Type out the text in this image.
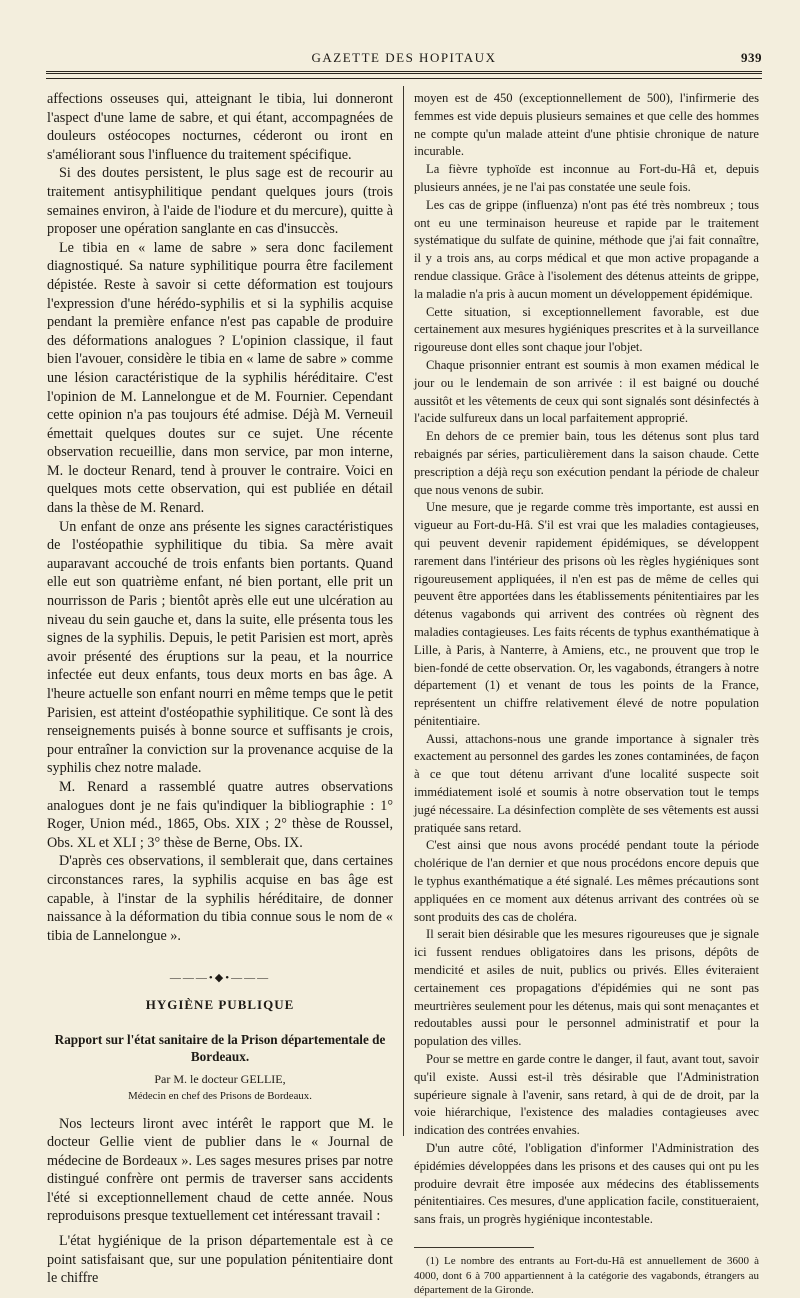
GAZETTE DES HOPITAUX	939

affections osseuses qui, atteignant le tibia, lui donneront l'aspect d'une lame de sabre, et qui étant, accompagnées de douleurs ostéocopes nocturnes, céderont ou iront en s'améliorant sous l'influence du traitement spécifique.

Si des doutes persistent, le plus sage est de recourir au traitement antisyphilitique pendant quelques jours (trois semaines environ, à l'aide de l'iodure et du mercure), quitte à proposer une opération sanglante en cas d'insuccès.

Le tibia en « lame de sabre » sera donc facilement diagnostiqué. Sa nature syphilitique pourra être facilement dépistée. Reste à savoir si cette déformation est toujours l'expression d'une hérédo-syphilis et si la syphilis acquise pendant la première enfance n'est pas capable de produire des déformations analogues ? L'opinion classique, il faut bien l'avouer, considère le tibia en « lame de sabre » comme une lésion caractéristique de la syphilis héréditaire. C'est l'opinion de M. Lannelongue et de M. Fournier. Cependant cette opinion n'a pas toujours été admise. Déjà M. Verneuil émettait quelques doutes sur ce sujet. Une récente observation recueillie, dans mon service, par mon interne, M. le docteur Renard, tend à prouver le contraire. Voici en quelques mots cette observation, qui est publiée en détail dans la thèse de M. Renard.

Un enfant de onze ans présente les signes caractéristiques de l'ostéopathie syphilitique du tibia. Sa mère avait auparavant accouché de trois enfants bien portants. Quand elle eut son quatrième enfant, né bien portant, elle prit un nourrisson de Paris ; bientôt après elle eut une ulcération au niveau du sein gauche et, dans la suite, elle présenta tous les signes de la syphilis. Depuis, le petit Parisien est mort, après avoir présenté des éruptions sur la peau, et la nourrice infectée eut deux enfants, tous deux morts en bas âge. A l'heure actuelle son enfant nourri en même temps que le petit Parisien, est atteint d'ostéopathie syphilitique. Ce sont là des renseignements puisés à bonne source et suffisants je crois, pour entraîner la conviction sur la provenance acquise de la syphilis chez notre malade.

M. Renard a rassemblé quatre autres observations analogues dont je ne fais qu'indiquer la bibliographie : 1° Roger, Union méd., 1865, Obs. XIX ; 2° thèse de Roussel, Obs. XL et XLI ; 3° thèse de Berne, Obs. IX.

D'après ces observations, il semblerait que, dans certaines circonstances rares, la syphilis acquise en bas âge est capable, à l'instar de la syphilis héréditaire, de donner naissance à la déformation du tibia connue sous le nom de « tibia de Lannelongue ».

———•◆•———
HYGIÈNE PUBLIQUE
Rapport sur l'état sanitaire de la Prison départementale de Bordeaux.
Par M. le docteur GELLIE,
Médecin en chef des Prisons de Bordeaux.

Nos lecteurs liront avec intérêt le rapport que M. le docteur Gellie vient de publier dans le « Journal de médecine de Bordeaux ». Les sages mesures prises par notre distingué confrère ont permis de traverser sans accidents l'été si exceptionnellement chaud de cette année. Nous reproduisons presque textuellement cet intéressant travail :

L'état hygiénique de la prison départementale est à ce point satisfaisant que, sur une population pénitentiaire dont le chiffre

moyen est de 450 (exceptionnellement de 500), l'infirmerie des femmes est vide depuis plusieurs semaines et que celle des hommes ne compte qu'un malade atteint d'une phtisie chronique de nature incurable.

La fièvre typhoïde est inconnue au Fort-du-Hâ et, depuis plusieurs années, je ne l'ai pas constatée une seule fois.

Les cas de grippe (influenza) n'ont pas été très nombreux ; tous ont eu une terminaison heureuse et rapide par le traitement systématique du sulfate de quinine, méthode que j'ai fait connaître, il y a trois ans, au corps médical et que mon active propagande a rendue classique. Grâce à l'isolement des détenus atteints de grippe, la maladie n'a pris à aucun moment un développement épidémique.

Cette situation, si exceptionnellement favorable, est due certainement aux mesures hygiéniques prescrites et à la surveillance rigoureuse dont elles sont chaque jour l'objet.

Chaque prisonnier entrant est soumis à mon examen médical le jour ou le lendemain de son arrivée : il est baigné ou douché aussitôt et les vêtements de ceux qui sont signalés sont désinfectés à l'acide sulfureux dans un local parfaitement approprié.

En dehors de ce premier bain, tous les détenus sont plus tard rebaignés par séries, particulièrement dans la saison chaude. Cette prescription a déjà reçu son exécution pendant la période de chaleur que nous venons de subir.

Une mesure, que je regarde comme très importante, est aussi en vigueur au Fort-du-Hâ. S'il est vrai que les maladies contagieuses, qui peuvent devenir rapidement épidémiques, se développent rarement dans l'intérieur des prisons où les règles hygiéniques sont rigoureusement appliquées, il n'en est pas de même de celles qui peuvent être apportées dans les établissements pénitentiaires par les détenus vagabonds qui arrivent des contrées où règnent des maladies contagieuses. Les faits récents de typhus exanthématique à Lille, à Paris, à Nanterre, à Amiens, etc., ne prouvent que trop le bien-fondé de cette observation. Or, les vagabonds, étrangers à notre département (1) et venant de tous les points de la France, représentent un chiffre relativement élevé de notre population pénitentiaire.

Aussi, attachons-nous une grande importance à signaler très exactement au personnel des gardes les zones contaminées, de façon à ce que tout détenu arrivant d'une localité suspecte soit immédiatement isolé et soumis à notre observation tout le temps jugé nécessaire. La désinfection complète de ses vêtements est aussi pratiquée sans retard.

C'est ainsi que nous avons procédé pendant toute la période cholérique de l'an dernier et que nous procédons encore depuis que le typhus exanthématique a été signalé. Les mêmes précautions sont appliquées en ce moment aux détenus arrivant des contrées où se sont produits des cas de choléra.

Il serait bien désirable que les mesures rigoureuses que je signale ici fussent rendues obligatoires dans les prisons, dépôts de mendicité et asiles de nuit, publics ou privés. Elles éviteraient certainement ces propagations d'épidémies qui ne sont pas meurtrières seulement pour les détenus, mais qui sont menaçantes et redoutables aussi pour le personnel administratif et pour la population des villes.

Pour se mettre en garde contre le danger, il faut, avant tout, savoir qu'il existe. Aussi est-il très désirable que l'Administration supérieure signale à l'avenir, sans retard, à qui de de droit, par la voie hiérarchique, l'existence des maladies contagieuses avec indication des contrées envahies.

D'un autre côté, l'obligation d'informer l'Administration des épidémies développées dans les prisons et des causes qui ont pu les produire devrait être imposée aux médecins des établissements pénitentiaires. Ces mesures, d'une application facile, constitueraient, sans frais, un progrès hygiénique incontestable.

(1) Le nombre des entrants au Fort-du-Hâ est annuellement de 3600 à 4000, dont 6 à 700 appartiennent à la catégorie des vagabonds, étrangers au département de la Gironde.
